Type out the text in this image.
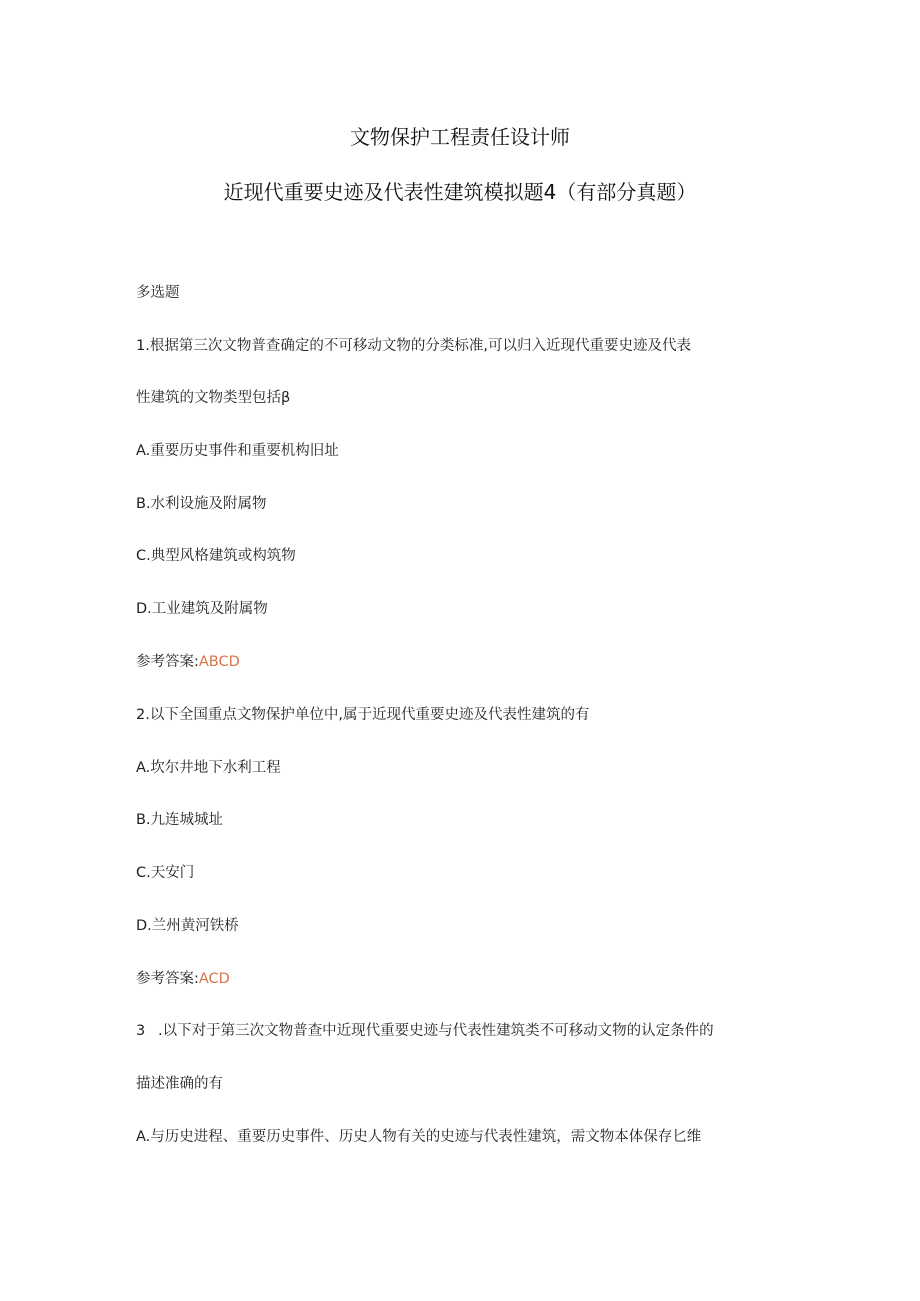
文物保护工程责任设计师
近现代重要史迹及代表性建筑模拟题4（有部分真题）
多选题
1.根据第三次文物普查确定的不可移动文物的分类标准,可以归入近现代重要史迹及代表
性建筑的文物类型包括β
A.重要历史事件和重要机构旧址
B.水利设施及附属物
C.典型风格建筑或构筑物
D.工业建筑及附属物
参考答案:ABCD
2.以下全国重点文物保护单位中,属于近现代重要史迹及代表性建筑的有
A.坎尔井地下水利工程
B.九连城城址
C.天安门
D.兰州黄河铁桥
参考答案:ACD
3 .以下对于第三次文物普查中近现代重要史迹与代表性建筑类不可移动文物的认定条件的
描述准确的有
A.与历史进程、重要历史事件、历史人物有关的史迹与代表性建筑，需文物本体保存匕维
